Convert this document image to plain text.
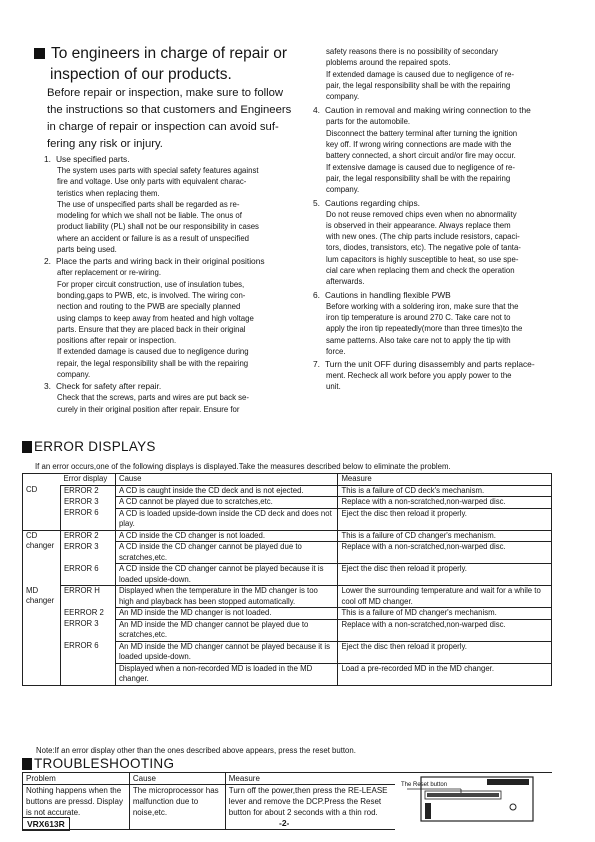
To engineers in charge of repair or
inspection of our products.
Before repair or inspection, make sure to follow
the instructions so that customers and Engineers
in charge of repair or inspection can avoid suf-
fering any risk or injury.
1. Use specified parts.
The system uses parts with special safety features against
fire and voltage. Use only parts with equivalent charac-
teristics when replacing them.
The use of unspecified parts shall be regarded as re-
modeling for which we shall not be liable. The onus of
product liability (PL) shall not be our responsibility in cases
where an accident or failure is as a result of unspecified
parts being used.
2. Place the parts and wiring back in their original positions
after replacement or re-wiring.
For proper circuit construction, use of insulation tubes,
bonding,gaps to PWB, etc, is involved. The wiring con-
nection and routing to the PWB are specially planned
using clamps to keep away from heated and high voltage
parts. Ensure that they are placed back in their original
positions after repair or inspection.
If extended damage is caused due to negligence during
repair, the legal responsibility shall be with the repairing
company.
3. Check for safety after repair.
Check that the screws, parts and wires are put back se-
curely in their original position after repair. Ensure for
safety reasons there is no possibility of secondary
ploblems around the repaired spots.
If extended damage is caused due to negligence of re-
pair, the legal responsibility shall be with the repairing
company.
4. Caution in removal and making wiring connection to the
parts for the automobile.
Disconnect the battery terminal after turning the ignition
key off. If wrong wiring connections are made with the
battery connected, a short circuit and/or fire may occur.
If extensive damage is caused due to negligence of re-
pair, the legal responsibility shall be with the repairing
company.
5. Cautions regarding chips.
Do not reuse removed chips even when no abnormality
is observed in their appearance. Always replace them
with new ones. (The chip parts include resistors, capaci-
tors, diodes, transistors, etc). The negative pole of tanta-
lum capacitors is highly susceptible to heat, so use spe-
cial care when replacing them and check the operation
afterwards.
6. Cautions in handling flexible PWB
Before working with a soldering iron, make sure that the
iron tip temperature is around 270 C. Take care not to
apply the iron tip repeatedly(more than three times)to the
same patterns. Also take care not to apply the tip with
force.
7. Turn the unit OFF during disassembly and parts replace-
ment. Recheck all work before you apply power to the
unit.
ERROR DISPLAYS
If an error occurs,one of the following displays is displayed.Take the measures described below to eliminate the problem.
	Error display	Cause	Measure
CD	ERROR 2	A CD is caught inside the CD deck and is not ejected.	This is a failure of CD deck's mechanism.
	ERROR 3	A CD cannot be played due to scratches,etc.	Replace with a non-scratched,non-warped disc.
	ERROR 6	A CD is loaded upside-down inside the CD deck and does not play.	Eject the disc then reload it properly.
CD changer	ERROR 2	A CD inside the CD changer is not loaded.	This is a failure of CD changer's mechanism.
	ERROR 3	A CD inside the CD changer cannot be played due to scratches,etc.	Replace with a non-scratched,non-warped disc.
	ERROR 6	A CD inside the CD changer cannot be played because it is loaded upside-down.	Eject the disc then reload it properly.
MD changer	ERROR H	Displayed when the temperature in the MD changer is too high and playback has been stopped automatically.	Lower the surrounding temperature and wait for a while to cool off MD changer.
	EERROR 2	An MD inside the MD changer is not loaded.	This is a failure of MD changer's mechanism.
	ERROR 3	An MD inside the MD changer cannot be played due to scratches,etc.	Replace with a non-scratched,non-warped disc.
	ERROR 6	An MD inside the MD changer cannot be played because it is loaded upside-down.	Eject the disc then reload it properly.
		Displayed when a non-recorded MD is loaded in the MD changer.	Load a pre-recorded MD in the MD changer.
Note:If an error display other than the ones described above appears, press the reset button.
TROUBLESHOOTING
Problem	Cause	Measure	The Reset button

Nothing happens when the buttons are pressd. Display is not accurate.	The microprocessor has malfunction due to noise,etc.	Turn off the power,then press the RE-LEASE lever and remove the DCP.Press the Reset button for about 2 seconds with a thin rod.	
VRX613R	-2-
